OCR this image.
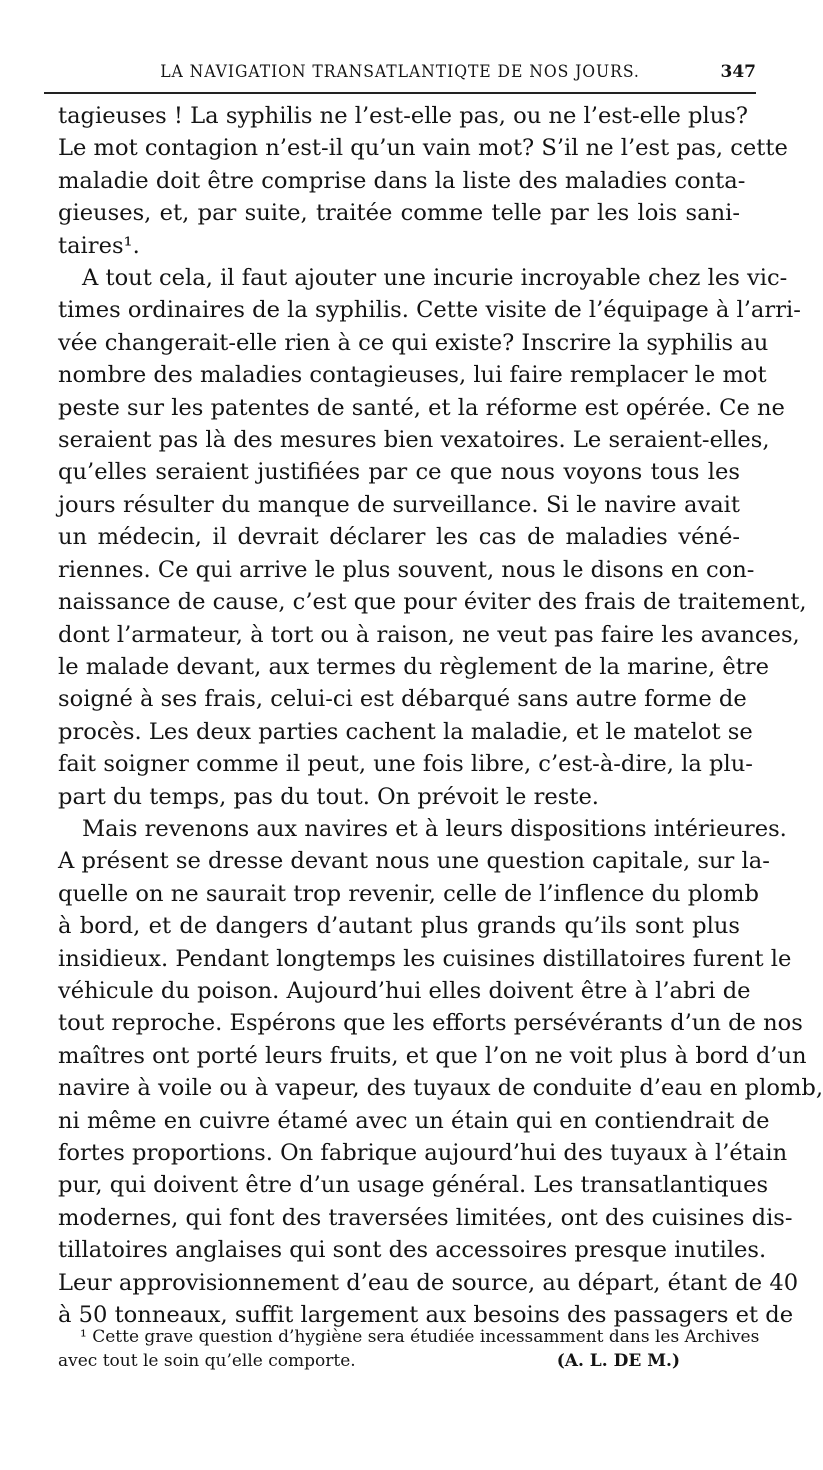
LA NAVIGATION TRANSATLANTIQTE DE NOS JOURS.	347
tagieuses ! La syphilis ne l’est-elle pas, ou ne l’est-elle plus?
Le mot contagion n’est-il qu’un vain mot? S’il ne l’est pas, cette
maladie doit être comprise dans la liste des maladies conta-
gieuses, et, par suite, traitée comme telle par les lois sani-
taires¹.
A tout cela, il faut ajouter une incurie incroyable chez les vic-
times ordinaires de la syphilis. Cette visite de l’équipage à l’arri-
vée changerait-elle rien à ce qui existe? Inscrire la syphilis au
nombre des maladies contagieuses, lui faire remplacer le mot
peste sur les patentes de santé, et la réforme est opérée. Ce ne
seraient pas là des mesures bien vexatoires. Le seraient-elles,
qu’elles seraient justifiées par ce que nous voyons tous les
jours résulter du manque de surveillance. Si le navire avait
un médecin, il devrait déclarer les cas de maladies véné-
riennes. Ce qui arrive le plus souvent, nous le disons en con-
naissance de cause, c’est que pour éviter des frais de traitement,
dont l’armateur, à tort ou à raison, ne veut pas faire les avances,
le malade devant, aux termes du règlement de la marine, être
soigné à ses frais, celui-ci est débarqué sans autre forme de
procès. Les deux parties cachent la maladie, et le matelot se
fait soigner comme il peut, une fois libre, c’est-à-dire, la plu-
part du temps, pas du tout. On prévoit le reste.
Mais revenons aux navires et à leurs dispositions intérieures.
A présent se dresse devant nous une question capitale, sur la-
quelle on ne saurait trop revenir, celle de l’inflence du plomb
à bord, et de dangers d’autant plus grands qu’ils sont plus
insidieux. Pendant longtemps les cuisines distillatoires furent le
véhicule du poison. Aujourd’hui elles doivent être à l’abri de
tout reproche. Espérons que les efforts persévérants d’un de nos
maîtres ont porté leurs fruits, et que l’on ne voit plus à bord d’un
navire à voile ou à vapeur, des tuyaux de conduite d’eau en plomb,
ni même en cuivre étamé avec un étain qui en contiendrait de
fortes proportions. On fabrique aujourd’hui des tuyaux à l’étain
pur, qui doivent être d’un usage général. Les transatlantiques
modernes, qui font des traversées limitées, ont des cuisines dis-
tillatoires anglaises qui sont des accessoires presque inutiles.
Leur approvisionnement d’eau de source, au départ, étant de 40
à 50 tonneaux, suffit largement aux besoins des passagers et de
¹ Cette grave question d’hygiène sera étudiée incessamment dans les Archives
avec tout le soin qu’elle comporte.	(A. L. DE M.)
